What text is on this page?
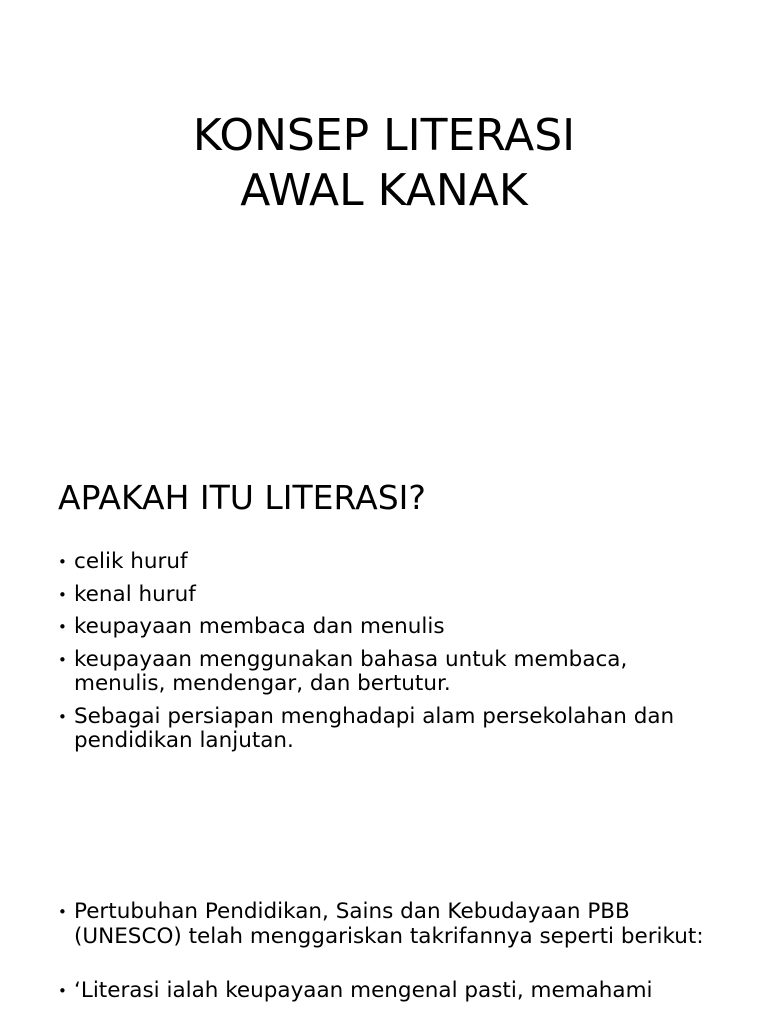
KONSEP LITERASI
AWAL KANAK
APAKAH ITU LITERASI?
• celik huruf
• kenal huruf
• keupayaan membaca dan menulis
• keupayaan menggunakan bahasa untuk membaca, menulis, mendengar, dan bertutur.
• Sebagai persiapan menghadapi alam persekolahan dan pendidikan lanjutan.
• Pertubuhan Pendidikan, Sains dan Kebudayaan PBB (UNESCO) telah menggariskan takrifannya seperti berikut:
• ‘Literasi ialah keupayaan mengenal pasti, memahami
